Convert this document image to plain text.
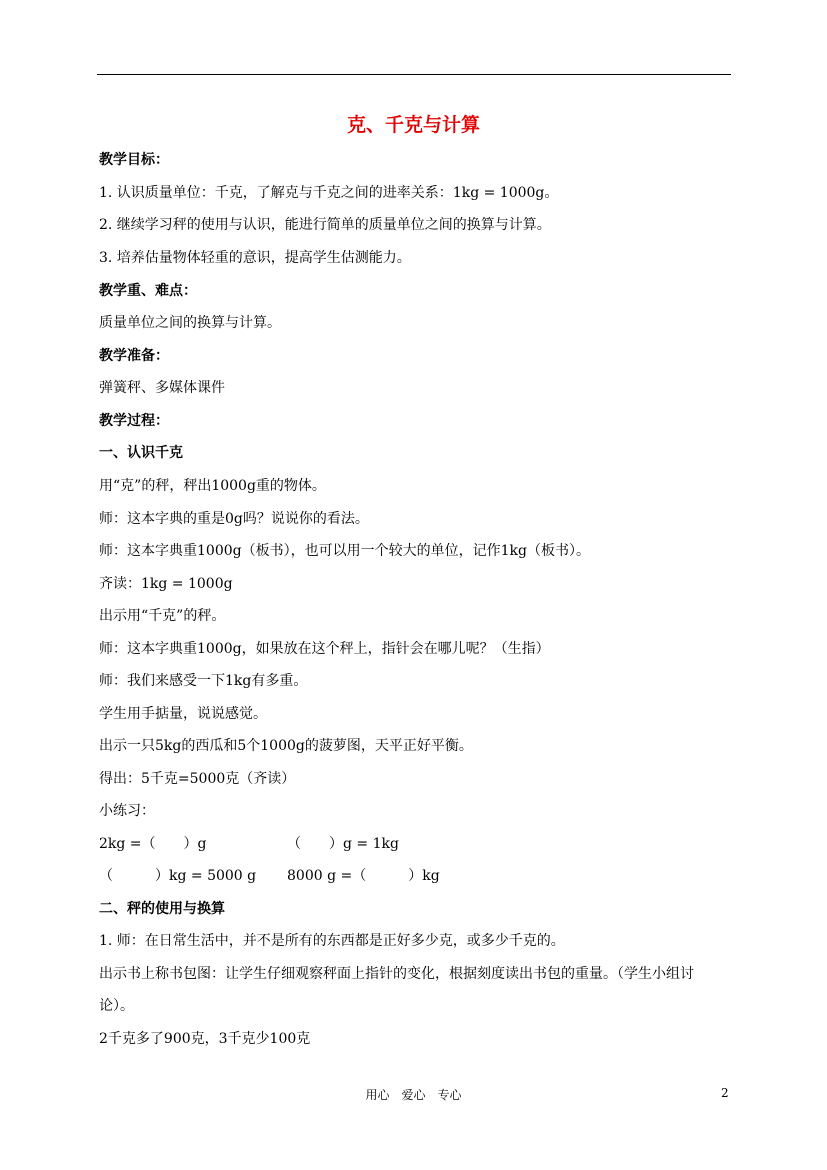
克、千克与计算
教学目标：
1. 认识质量单位：千克，了解克与千克之间的进率关系：1kg = 1000g。
2. 继续学习秤的使用与认识，能进行简单的质量单位之间的换算与计算。
3. 培养估量物体轻重的意识，提高学生估测能力。
教学重、难点：
质量单位之间的换算与计算。
教学准备：
弹簧秤、多媒体课件
教学过程：
一、认识千克
用“克”的秤，秤出1000g重的物体。
师：这本字典的重是0g吗？说说你的看法。
师：这本字典重1000g（板书），也可以用一个较大的单位，记作1kg（板书）。
齐读：1kg = 1000g
出示用“千克”的秤。
师：这本字典重1000g，如果放在这个秤上，指针会在哪儿呢？（生指）
师：我们来感受一下1kg有多重。
学生用手掂量，说说感觉。
出示一只5kg的西瓜和5个1000g的菠萝图，天平正好平衡。
得出：5千克=5000克（齐读）
小练习：
2kg =（　　）g	（　　）g = 1kg
（　　　）kg = 5000 g 8000 g =（　　　）kg
二、秤的使用与换算
1. 师：在日常生活中，并不是所有的东西都是正好多少克，或多少千克的。
出示书上称书包图：让学生仔细观察秤面上指针的变化，根据刻度读出书包的重量。（学生小组讨
论）。
2千克多了900克，3千克少100克
用心　爱心　专心	2
